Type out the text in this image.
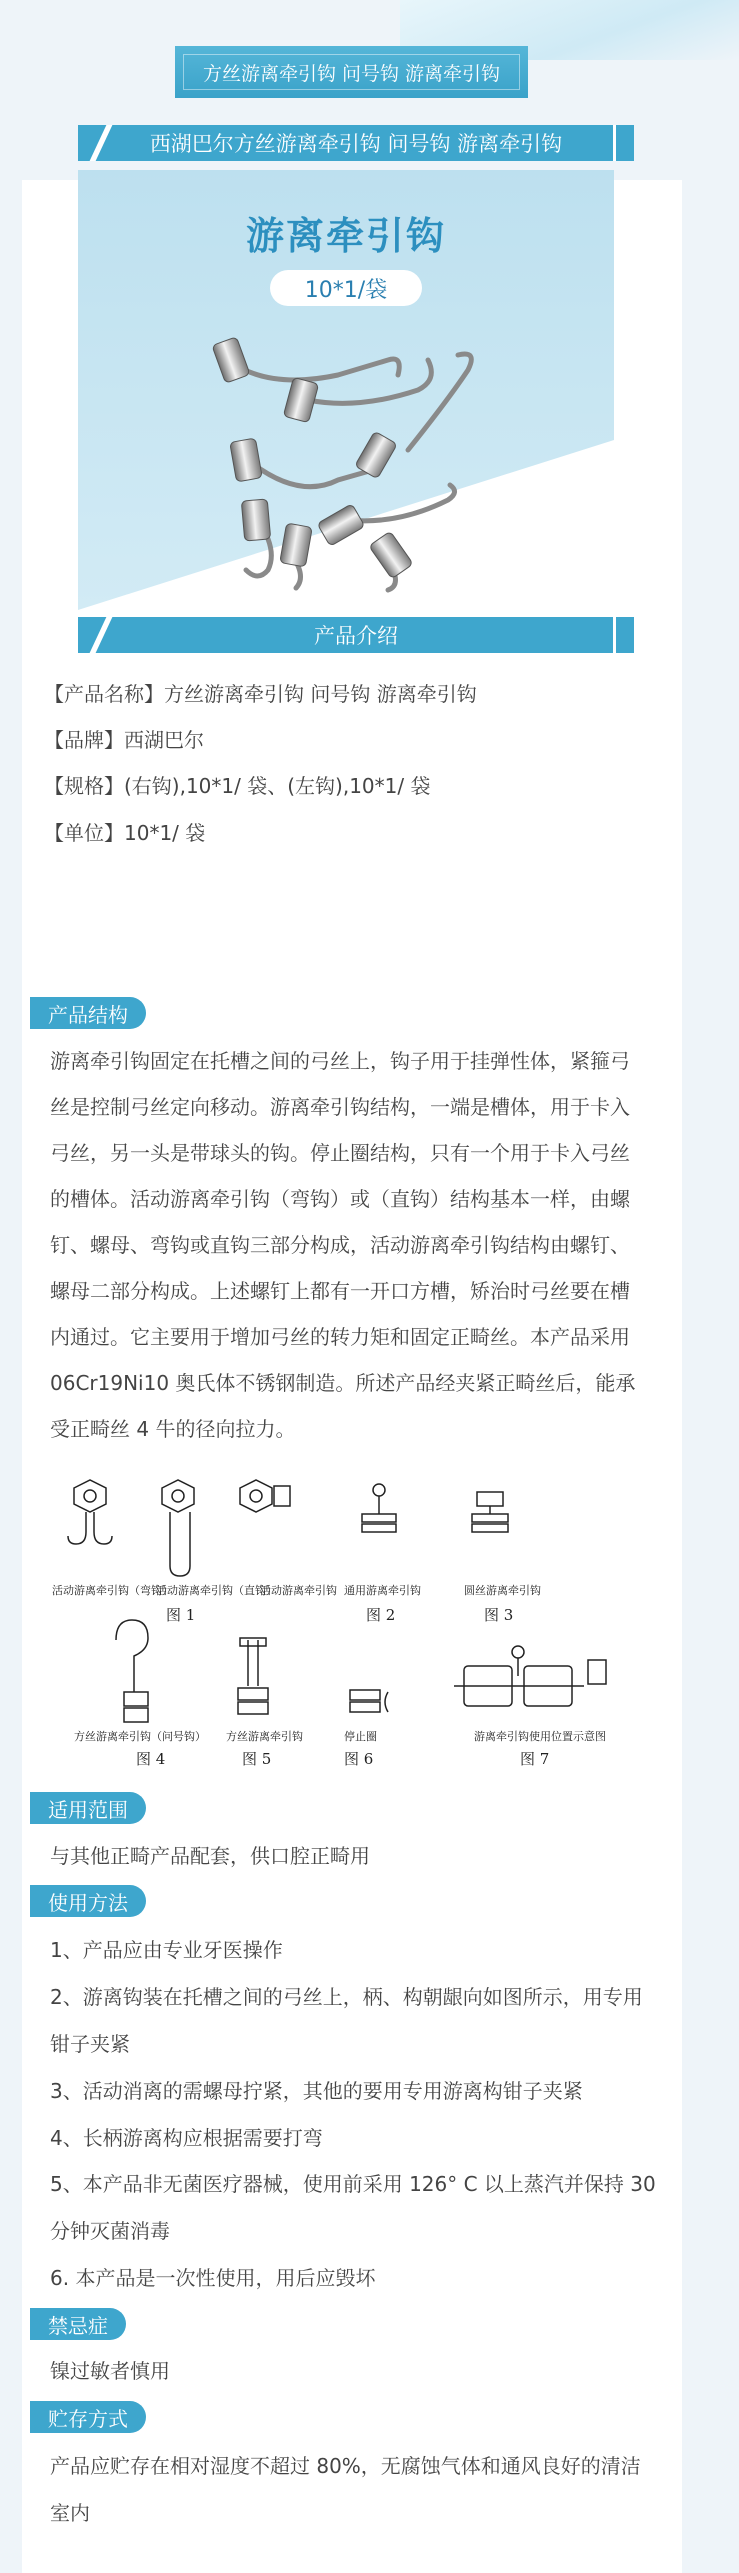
方丝游离牵引钩 问号钩 游离牵引钩
西湖巴尔方丝游离牵引钩 问号钩 游离牵引钩
游离牵引钩
10*1/袋
产品介绍
【产品名称】方丝游离牵引钩 问号钩 游离牵引钩
【品牌】西湖巴尔
【规格】(右钩),10*1/ 袋、(左钩),10*1/ 袋
【单位】10*1/ 袋
产品结构
游离牵引钩固定在托槽之间的弓丝上，钩子用于挂弹性体，紧箍弓
丝是控制弓丝定向移动。游离牵引钩结构，一端是槽体，用于卡入
弓丝，另一头是带球头的钩。停止圈结构，只有一个用于卡入弓丝
的槽体。活动游离牵引钩（弯钩）或（直钩）结构基本一样，由螺
钉、螺母、弯钩或直钩三部分构成，活动游离牵引钩结构由螺钉、
螺母二部分构成。上述螺钉上都有一开口方槽，矫治时弓丝要在槽
内通过。它主要用于增加弓丝的转力矩和固定正畸丝。本产品采用
06Cr19Ni10 奥氏体不锈钢制造。所述产品经夹紧正畸丝后，能承
受正畸丝 4 牛的径向拉力。
活动游离牵引钩（弯钩）
活动游离牵引钩（直钩）
活动游离牵引钩 通用游离牵引钩	圆丝游离牵引钩
图 1	图 2	图 3
方丝游离牵引钩（问号钩） 方丝游离牵引钩	停止圈	游离牵引钩使用位置示意图
图 4	图 5	图 6	图 7
适用范围
与其他正畸产品配套，供口腔正畸用
使用方法
1、产品应由专业牙医操作
2、游离钩装在托槽之间的弓丝上，柄、构朝龈向如图所示，用专用
钳子夹紧
3、活动消离的需螺母拧紧，其他的要用专用游离构钳子夹紧
4、长柄游离构应根据需要打弯
5、本产品非无菌医疗器械，使用前采用 126° C 以上蒸汽并保持 30
分钟灭菌消毒
6. 本产品是一次性使用，用后应毁坏
禁忌症
镍过敏者慎用
贮存方式
产品应贮存在相对湿度不超过 80%，无腐蚀气体和通风良好的清洁
室内
